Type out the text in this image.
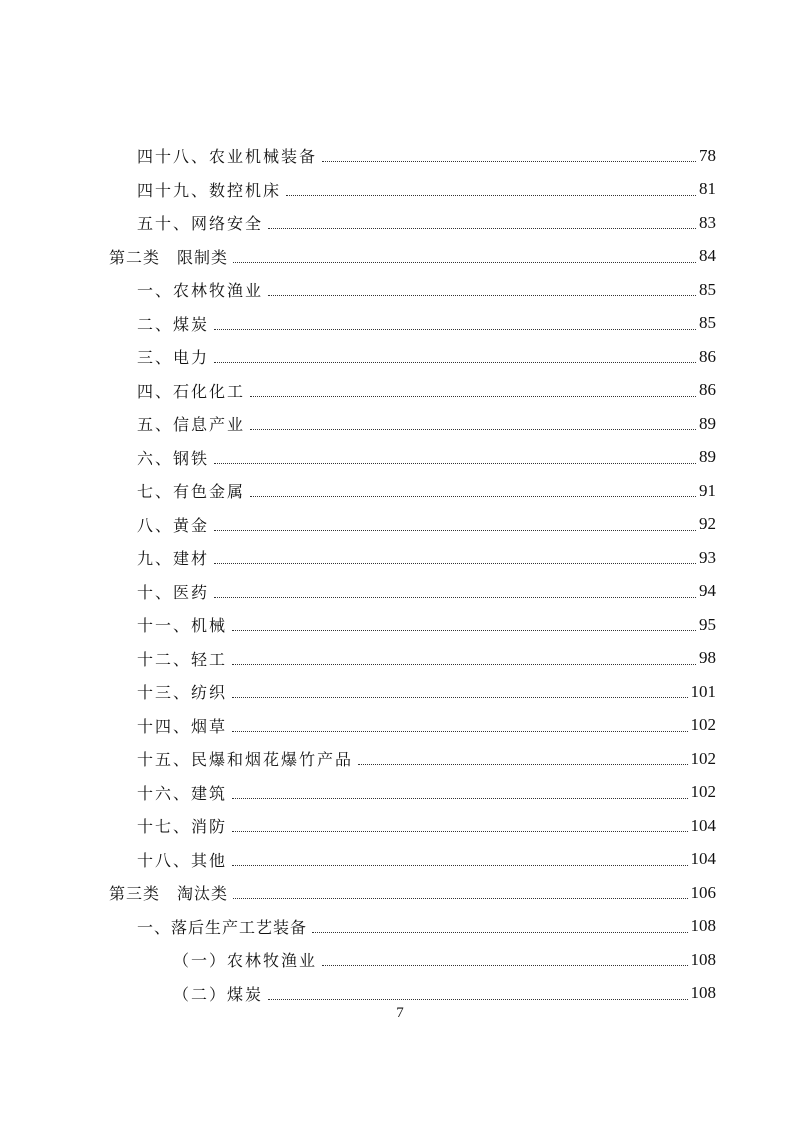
四十八、农业机械装备	78
四十九、数控机床	81
五十、网络安全	83
第二类　限制类	84
一、农林牧渔业	85
二、煤炭	85
三、电力	86
四、石化化工	86
五、信息产业	89
六、钢铁	89
七、有色金属	91
八、黄金	92
九、建材	93
十、医药	94
十一、机械	95
十二、轻工	98
十三、纺织	101
十四、烟草	102
十五、民爆和烟花爆竹产品	102
十六、建筑	102
十七、消防	104
十八、其他	104
第三类　淘汰类	106
一、落后生产工艺装备	108
（一）农林牧渔业	108
（二）煤炭	108
7
